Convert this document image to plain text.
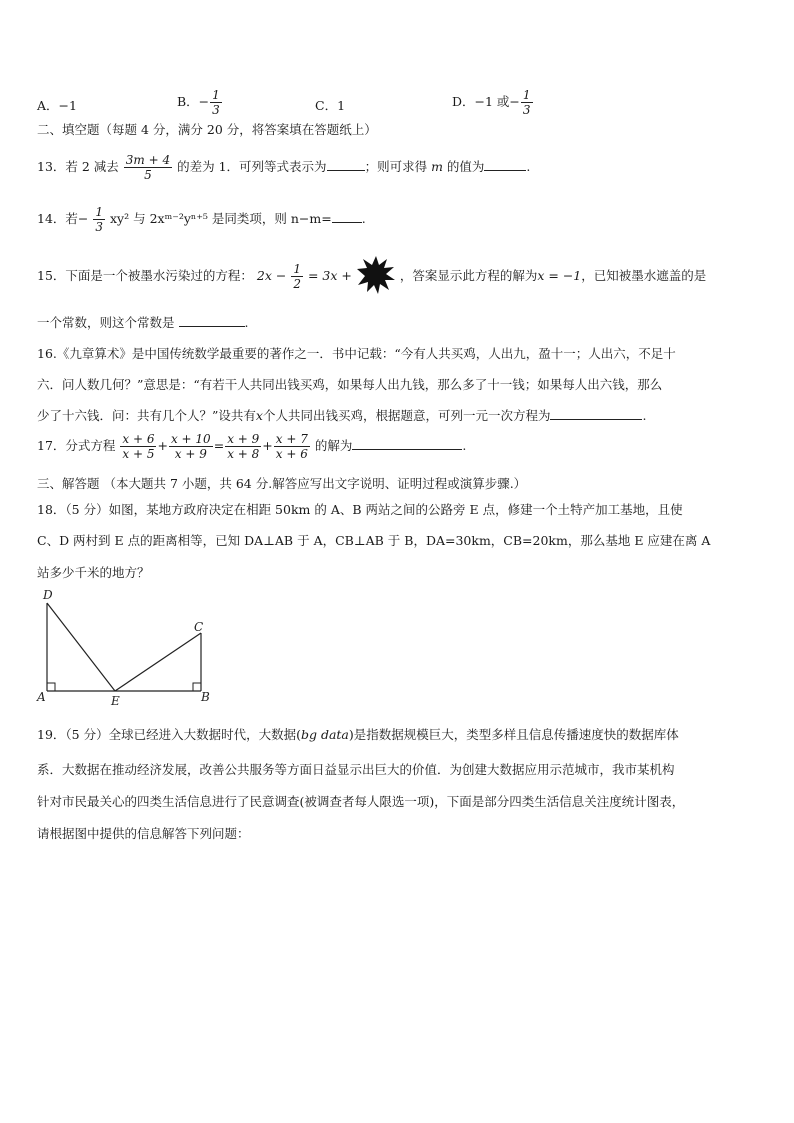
A．−1	B．− $\frac{1}{3}$	C．1	D．−1 或− $\frac{1}{3}$
二、填空题（每题 4 分，满分 20 分，将答案填在答题纸上）
13．若 2 减去 $\frac{3m + 4}{5}$ 的差为 1．可列等式表示为	；则可求得 m 的值为	.
14．若− $\frac{1}{3} xy^2$ 与 2xᵐ⁻²yⁿ⁺⁵ 是同类项，则 n−m= .
15．下面是一个被墨水污染过的方程： $2x - \frac{1}{2} = 3x$ +	，答案显示此方程的解为x = −1，已知被墨水遮盖的是
一个常数，则这个常数是	.
16.《九章算术》是中国传统数学最重要的著作之一．书中记载：“今有人共买鸡，人出九，盈十一；人出六，不足十
六．问人数几何？”意思是：“有若干人共同出钱买鸡，如果每人出九钱，那么多了十一钱；如果每人出六钱，那么
少了十六钱．问：共有几个人？”设共有x个人共同出钱买鸡，根据题意，可列一元一次方程为	.
17．分式方程 $\frac{x + 6}{x + 5} + \frac{x + 10}{x + 9} = \frac{x + 9}{x + 8} + \frac{x + 7}{x + 6}$ 的解为	.
三、解答题 （本大题共 7 小题，共 64 分.解答应写出文字说明、证明过程或演算步骤.）
18．（5 分）如图，某地方政府决定在相距 50km 的 A、B 两站之间的公路旁 E 点，修建一个土特产加工基地，且使
C、D 两村到 E 点的距离相等，已知 DA⊥AB 于 A，CB⊥AB 于 B，DA=30km，CB=20km，那么基地 E 应建在离 A
站多少千米的地方？
D
C
A	E	B
19．（5 分）全球已经进入大数据时代，大数据(bg data)是指数据规模巨大，类型多样且信息传播速度快的数据库体
系．大数据在推动经济发展，改善公共服务等方面日益显示出巨大的价值．为创建大数据应用示范城市，我市某机构
针对市民最关心的四类生活信息进行了民意调查(被调查者每人限选一项)，下面是部分四类生活信息关注度统计图表，
请根据图中提供的信息解答下列问题：
